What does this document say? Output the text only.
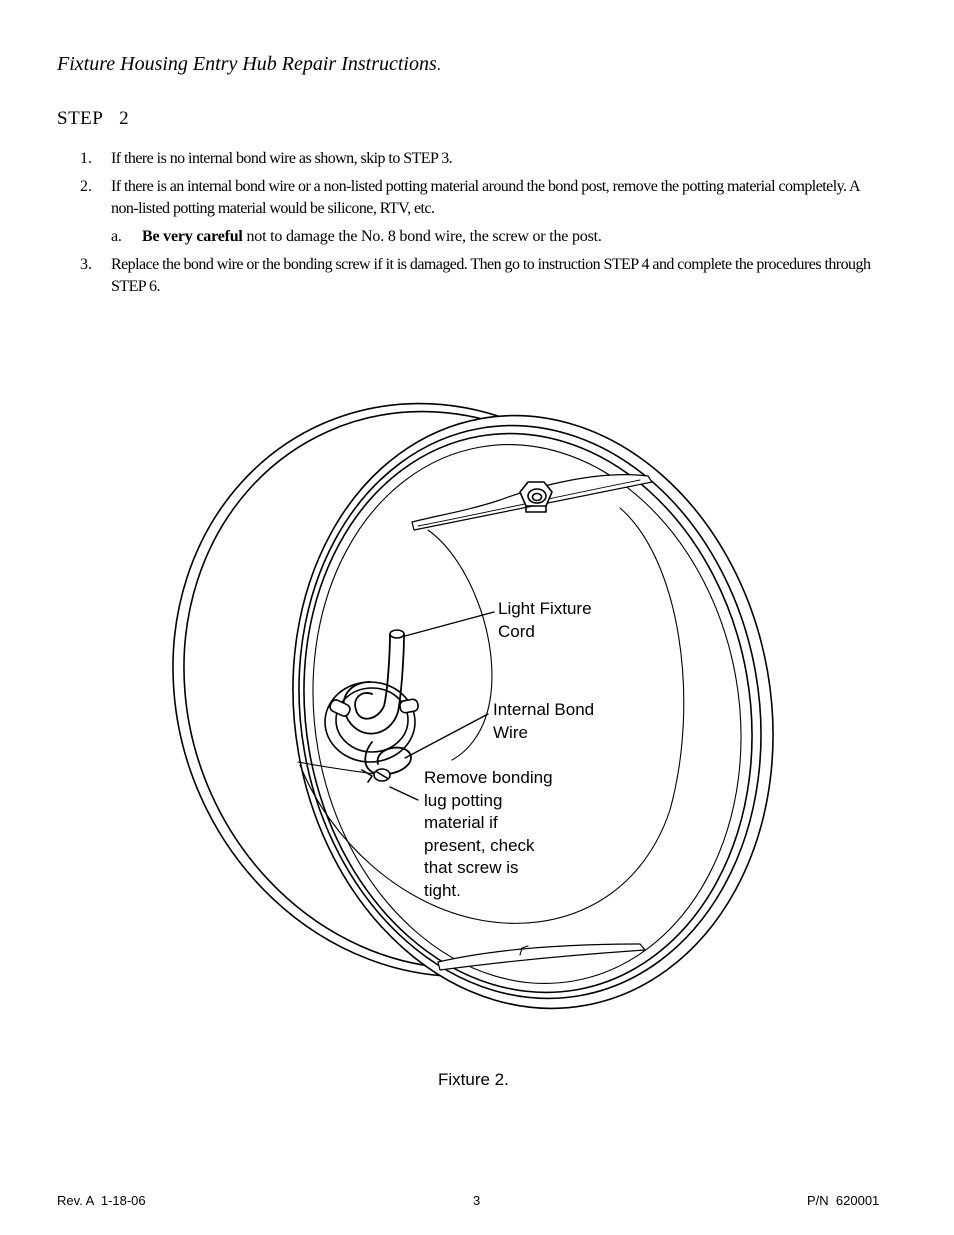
Fixture Housing Entry Hub Repair Instructions.
STEP 2
1.	If there is no internal bond wire as shown, skip to STEP 3.
2.	If there is an internal bond wire or a non-listed potting material around the bond post, remove the potting material completely. A non-listed potting material would be silicone, RTV, etc.
a.	Be very careful not to damage the No. 8 bond wire, the screw or the post.
3.	Replace the bond wire or the bonding screw if it is damaged. Then go to instruction STEP 4 and complete the procedures through STEP 6.
Light Fixture
Cord
Internal Bond
Wire
Remove bonding
lug potting
material if
present, check
that screw is
tight.
Fixture 2.
Rev. A  1-18-06	3	P/N  620001
